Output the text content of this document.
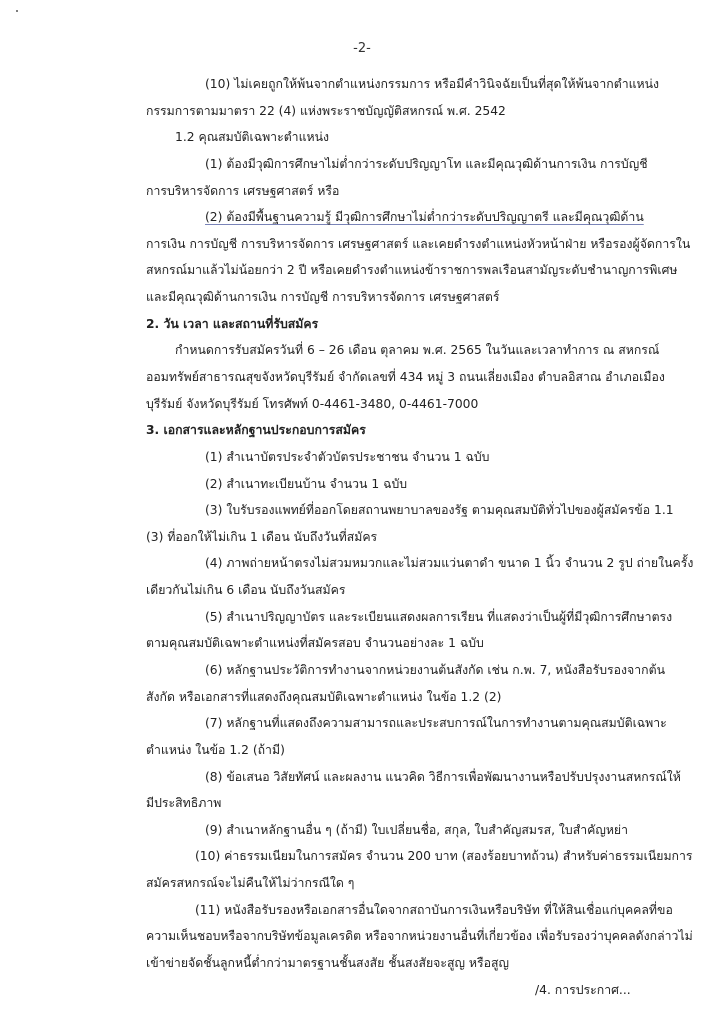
-2-
(10) ไม่เคยถูกให้พ้นจากตำแหน่งกรรมการ หรือมีคำวินิจฉัยเป็นที่สุดให้พ้นจากตำแหน่ง
กรรมการตามมาตรา 22 (4) แห่งพระราชบัญญัติสหกรณ์ พ.ศ. 2542
1.2 คุณสมบัติเฉพาะตำแหน่ง
(1) ต้องมีวุฒิการศึกษาไม่ต่ำกว่าระดับปริญญาโท และมีคุณวุฒิด้านการเงิน การบัญชี
การบริหารจัดการ เศรษฐศาสตร์ หรือ
(2) ต้องมีพื้นฐานความรู้ มีวุฒิการศึกษาไม่ต่ำกว่าระดับปริญญาตรี และมีคุณวุฒิด้าน
การเงิน การบัญชี การบริหารจัดการ เศรษฐศาสตร์ และเคยดำรงตำแหน่งหัวหน้าฝ่าย หรือรองผู้จัดการใน
สหกรณ์มาแล้วไม่น้อยกว่า 2 ปี หรือเคยดำรงตำแหน่งข้าราชการพลเรือนสามัญระดับชำนาญการพิเศษ
และมีคุณวุฒิด้านการเงิน การบัญชี การบริหารจัดการ เศรษฐศาสตร์
2. วัน เวลา และสถานที่รับสมัคร
กำหนดการรับสมัครวันที่ 6 – 26 เดือน ตุลาคม พ.ศ. 2565 ในวันและเวลาทำการ ณ สหกรณ์
ออมทรัพย์สาธารณสุขจังหวัดบุรีรัมย์ จำกัดเลขที่ 434 หมู่ 3 ถนนเลี่ยงเมือง ตำบลอิสาณ อำเภอเมือง
บุรีรัมย์ จังหวัดบุรีรัมย์ โทรศัพท์ 0-4461-3480, 0-4461-7000
3. เอกสารและหลักฐานประกอบการสมัคร
(1) สำเนาบัตรประจำตัวบัตรประชาชน จำนวน 1 ฉบับ
(2) สำเนาทะเบียนบ้าน จำนวน 1 ฉบับ
(3) ใบรับรองแพทย์ที่ออกโดยสถานพยาบาลของรัฐ ตามคุณสมบัติทั่วไปของผู้สมัครข้อ 1.1
(3) ที่ออกให้ไม่เกิน 1 เดือน นับถึงวันที่สมัคร
(4) ภาพถ่ายหน้าตรงไม่สวมหมวกและไม่สวมแว่นตาดำ ขนาด 1 นิ้ว จำนวน 2 รูป ถ่ายในครั้ง
เดียวกันไม่เกิน 6 เดือน นับถึงวันสมัคร
(5) สำเนาปริญญาบัตร และระเบียนแสดงผลการเรียน ที่แสดงว่าเป็นผู้ที่มีวุฒิการศึกษาตรง
ตามคุณสมบัติเฉพาะตำแหน่งที่สมัครสอบ จำนวนอย่างละ 1 ฉบับ
(6) หลักฐานประวัติการทำงานจากหน่วยงานต้นสังกัด เช่น ก.พ. 7, หนังสือรับรองจากต้น
สังกัด หรือเอกสารที่แสดงถึงคุณสมบัติเฉพาะตำแหน่ง ในข้อ 1.2 (2)
(7) หลักฐานที่แสดงถึงความสามารถและประสบการณ์ในการทำงานตามคุณสมบัติเฉพาะ
ตำแหน่ง ในข้อ 1.2 (ถ้ามี)
(8) ข้อเสนอ วิสัยทัศน์ และผลงาน แนวคิด วิธีการเพื่อพัฒนางานหรือปรับปรุงงานสหกรณ์ให้
มีประสิทธิภาพ
(9) สำเนาหลักฐานอื่น ๆ (ถ้ามี) ใบเปลี่ยนชื่อ, สกุล, ใบสำคัญสมรส, ใบสำคัญหย่า
(10) ค่าธรรมเนียมในการสมัคร จำนวน 200 บาท (สองร้อยบาทถ้วน) สำหรับค่าธรรมเนียมการ
สมัครสหกรณ์จะไม่คืนให้ไม่ว่ากรณีใด ๆ
(11) หนังสือรับรองหรือเอกสารอื่นใดจากสถาบันการเงินหรือบริษัท ที่ให้สินเชื่อแก่บุคคลที่ขอ
ความเห็นชอบหรือจากบริษัทข้อมูลเครดิต หรือจากหน่วยงานอื่นที่เกี่ยวข้อง เพื่อรับรองว่าบุคคลดังกล่าวไม่
เข้าข่ายจัดชั้นลูกหนี้ต่ำกว่ามาตรฐานชั้นสงสัย ชั้นสงสัยจะสูญ หรือสูญ
/4. การประกาศ...
